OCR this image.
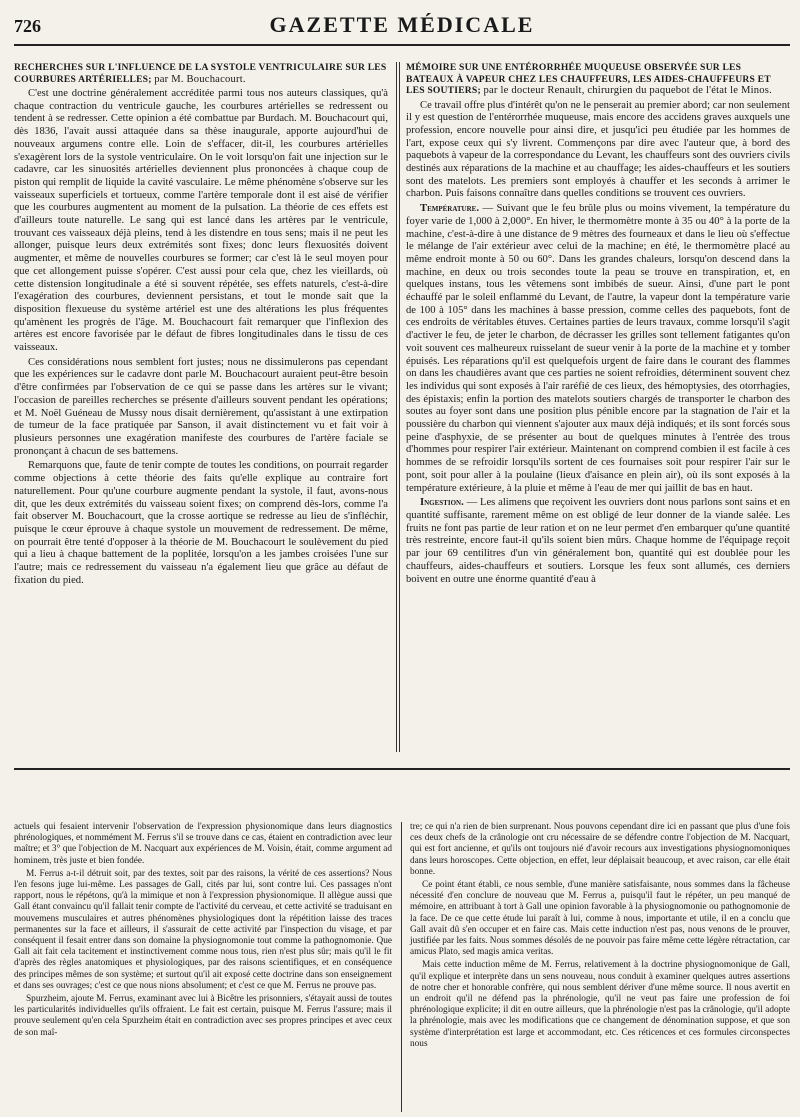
726	GAZETTE MÉDICALE
RECHERCHES SUR L'INFLUENCE DE LA SYSTOLE VENTRICULAIRE SUR LES COURBURES ARTÉRIELLES; par M. Bouchacourt.

C'est une doctrine généralement accréditée parmi tous nos auteurs classiques, qu'à chaque contraction du ventricule gauche, les courbures artérielles se redressent ou tendent à se redresser. Cette opinion a été combattue par Burdach. M. Bouchacourt qui, dès 1836, l'avait aussi attaquée dans sa thèse inaugurale, apporte aujourd'hui de nouveaux argumens contre elle. Loin de s'effacer, dit-il, les courbures artérielles s'exagèrent lors de la systole ventriculaire. On le voit lorsqu'on fait une injection sur le cadavre, car les sinuosités artérielles deviennent plus prononcées à chaque coup de piston qui remplit de liquide la cavité vasculaire. Le même phénomène s'observe sur les vaisseaux superficiels et tortueux, comme l'artère temporale dont il est aisé de vérifier que les courbures augmentent au moment de la pulsation. La théorie de ces effets est d'ailleurs toute naturelle. Le sang qui est lancé dans les artères par le ventricule, trouvant ces vaisseaux déjà pleins, tend à les distendre en tous sens; mais il ne peut les allonger, puisque leurs deux extrémités sont fixes; donc leurs flexuosités doivent augmenter, et même de nouvelles courbures se former; car c'est là le seul moyen pour que cet allongement puisse s'opérer. C'est aussi pour cela que, chez les vieillards, où cette distension longitudinale a été si souvent répétée, ses effets naturels, c'est-à-dire l'exagération des courbures, deviennent persistans, et tout le monde sait que la disposition flexueuse du système artériel est une des altérations les plus fréquentes qu'amènent les progrès de l'âge. M. Bouchacourt fait remarquer que l'inflexion des artères est encore favorisée par le défaut de fibres longitudinales dans le tissu de ces vaisseaux.

Ces considérations nous semblent fort justes; nous ne dissimulerons pas cependant que les expériences sur le cadavre dont parle M. Bouchacourt auraient peut-être besoin d'être confirmées par l'observation de ce qui se passe dans les artères sur le vivant; l'occasion de pareilles recherches se présente d'ailleurs souvent pendant les opérations; et M. Noël Guéneau de Mussy nous disait dernièrement, qu'assistant à une extirpation de tumeur de la face pratiquée par Sanson, il avait distinctement vu et fait voir à plusieurs personnes une exagération manifeste des courbures de l'artère faciale se prononçant à chacun de ses battemens.

Remarquons que, faute de tenir compte de toutes les conditions, on pourrait regarder comme objections à cette théorie des faits qu'elle explique au contraire fort naturellement. Pour qu'une courbure augmente pendant la systole, il faut, avons-nous dit, que les deux extrémités du vaisseau soient fixes; on comprend dès-lors, comme l'a fait observer M. Bouchacourt, que la crosse aortique se redresse au lieu de s'infléchir, puisque le cœur éprouve à chaque systole un mouvement de redressement. De même, on pourrait être tenté d'opposer à la théorie de M. Bouchacourt le soulèvement du pied qui a lieu à chaque battement de la poplitée, lorsqu'on a les jambes croisées l'une sur l'autre; mais ce redressement du vaisseau n'a également lieu que grâce au défaut de fixation du pied.

MÉMOIRE SUR UNE ENTÉRORRHÉE MUQUEUSE OBSERVÉE SUR LES BATEAUX À VAPEUR CHEZ LES CHAUFFEURS, LES AIDES-CHAUFFEURS ET LES SOUTIERS; par le docteur Renault, chirurgien du paquebot de l'état le Minos.

Ce travail offre plus d'intérêt qu'on ne le penserait au premier abord; car non seulement il y est question de l'entérorrhée muqueuse, mais encore des accidens graves auxquels une profession, encore nouvelle pour ainsi dire, et jusqu'ici peu étudiée par les hommes de l'art, expose ceux qui s'y livrent. Commençons par dire avec l'auteur que, à bord des paquebots à vapeur de la correspondance du Levant, les chauffeurs sont des ouvriers civils destinés aux réparations de la machine et au chauffage; les aides-chauffeurs et les soutiers sont des matelots. Les premiers sont employés à chauffer et les seconds à arrimer le charbon. Puis faisons connaître dans quelles conditions se trouvent ces ouvriers.

Température. — Suivant que le feu brûle plus ou moins vivement, la température du foyer varie de 1,000 à 2,000°. En hiver, le thermomètre monte à 35 ou 40° à la porte de la machine, c'est-à-dire à une distance de 9 mètres des fourneaux et dans le lieu où s'effectue le mélange de l'air extérieur avec celui de la machine; en été, le thermomètre placé au même endroit monte à 50 ou 60°. Dans les grandes chaleurs, lorsqu'on descend dans la machine, en deux ou trois secondes toute la peau se trouve en transpiration, et, en quelques instans, tous les vêtemens sont imbibés de sueur. Ainsi, d'une part le pont échauffé par le soleil enflammé du Levant, de l'autre, la vapeur dont la température varie de 100 à 105° dans les machines à basse pression, comme celles des paquebots, font de ces endroits de véritables étuves. Certaines parties de leurs travaux, comme lorsqu'il s'agit d'activer le feu, de jeter le charbon, de décrasser les grilles sont tellement fatigantes qu'on voit souvent ces malheureux ruisselant de sueur venir à la porte de la machine et y tomber épuisés. Les réparations qu'il est quelquefois urgent de faire dans le courant des flammes on dans les chaudières avant que ces parties ne soient refroidies, déterminent souvent chez les individus qui sont exposés à l'air raréfié de ces lieux, des hémoptysies, des otorrhagies, des épistaxis; enfin la portion des matelots soutiers chargés de transporter le charbon des soutes au foyer sont dans une position plus pénible encore par la stagnation de l'air et la poussière du charbon qui viennent s'ajouter aux maux déjà indiqués; et ils sont forcés sous peine d'asphyxie, de se présenter au bout de quelques minutes à l'entrée des trous d'hommes pour respirer l'air extérieur. Maintenant on comprend combien il est facile à ces hommes de se refroidir lorsqu'ils sortent de ces fournaises soit pour respirer l'air sur le pont, soit pour aller à la poulaine (lieux d'aisance en plein air), où ils sont exposés à la température extérieure, à la pluie et même à l'eau de mer qui jaillit de bas en haut.

Ingestion. — Les alimens que reçoivent les ouvriers dont nous parlons sont sains et en quantité suffisante, rarement même on est obligé de leur donner de la viande salée. Les fruits ne font pas partie de leur ration et on ne leur permet d'en embarquer qu'une quantité très restreinte, encore faut-il qu'ils soient bien mûrs. Chaque homme de l'équipage reçoit par jour 69 centilitres d'un vin généralement bon, quantité qui est doublée pour les chauffeurs, aides-chauffeurs et soutiers. Lorsque les feux sont allumés, ces derniers boivent en outre une énorme quantité d'eau à

actuels qui fesaient intervenir l'observation de l'expression physionomique dans leurs diagnostics phrénologiques, et nommément M. Ferrus s'il se trouve dans ce cas, étaient en contradiction avec leur maître; et 3° que l'objection de M. Nacquart aux expériences de M. Voisin, était, comme argument ad hominem, très juste et bien fondée.

M. Ferrus a-t-il détruit soit, par des textes, soit par des raisons, la vérité de ces assertions? Nous l'en fesons juge lui-même. Les passages de Gall, cités par lui, sont contre lui. Ces passages n'ont rapport, nous le répétons, qu'à la mimique et non à l'expression physionomique. Il allègue aussi que Gall étant convaincu qu'il fallait tenir compte de l'activité du cerveau, et cette activité se traduisant en mouvemens musculaires et autres phénomènes physiologiques dont la répétition laisse des traces permanentes sur la face et ailleurs, il s'assurait de cette activité par l'inspection du visage, et par conséquent il fesait entrer dans son domaine la physiognomonie tout comme la pathognomonie. Que Gall ait fait cela tacitement et instinctivement comme nous tous, rien n'est plus sûr; mais qu'il le fit d'après des règles anatomiques et physiologiques, par des raisons scientifiques, et en conséquence des principes mêmes de son système; et surtout qu'il ait exposé cette doctrine dans son enseignement et dans ses ouvrages; c'est ce que nous nions absolument; et c'est ce que M. Ferrus ne prouve pas.

Spurzheim, ajoute M. Ferrus, examinant avec lui à Bicêtre les prisonniers, s'étayait aussi de toutes les particularités individuelles qu'ils offraient. Le fait est certain, puisque M. Ferrus l'assure; mais il prouve seulement qu'en cela Spurzheim était en contradiction avec ses propres principes et avec ceux de son maî-

tre; ce qui n'a rien de bien surprenant. Nous pouvons cependant dire ici en passant que plus d'une fois ces deux chefs de la crânologie ont cru nécessaire de se défendre contre l'objection de M. Nacquart, qui est fort ancienne, et qu'ils ont toujours nié d'avoir recours aux investigations physiognomoniques dans leurs horoscopes. Cette objection, en effet, leur déplaisait beaucoup, et avec raison, car elle était bonne.

Ce point étant établi, ce nous semble, d'une manière satisfaisante, nous sommes dans la fâcheuse nécessité d'en conclure de nouveau que M. Ferrus a, puisqu'il faut le répéter, un peu manqué de mémoire, en attribuant à tort à Gall une opinion favorable à la physiognomonie ou pathognomonie de la face. De ce que cette étude lui paraît à lui, comme à nous, importante et utile, il en a conclu que Gall avait dû s'en occuper et en faire cas. Mais cette induction n'est pas, nous venons de le prouver, justifiée par les faits. Nous sommes désolés de ne pouvoir pas faire même cette légère rétractation, car amicus Plato, sed magis amica veritas.

Mais cette induction même de M. Ferrus, relativement à la doctrine physiognomonique de Gall, qu'il explique et interprète dans un sens nouveau, nous conduit à examiner quelques autres assertions de notre cher et honorable confrère, qui nous semblent dériver d'une même source. Il nous avertit en un endroit qu'il ne défend pas la phrénologie, qu'il ne veut pas faire une profession de foi phrénologique explicite; il dit en outre ailleurs, que la phrénologie n'est pas la crânologie, qu'il adopte la phrénologie, mais avec les modifications que ce changement de dénomination suppose, et que son système d'interprétation est large et accommodant, etc. Ces réticences et ces formules circonspectes nous
